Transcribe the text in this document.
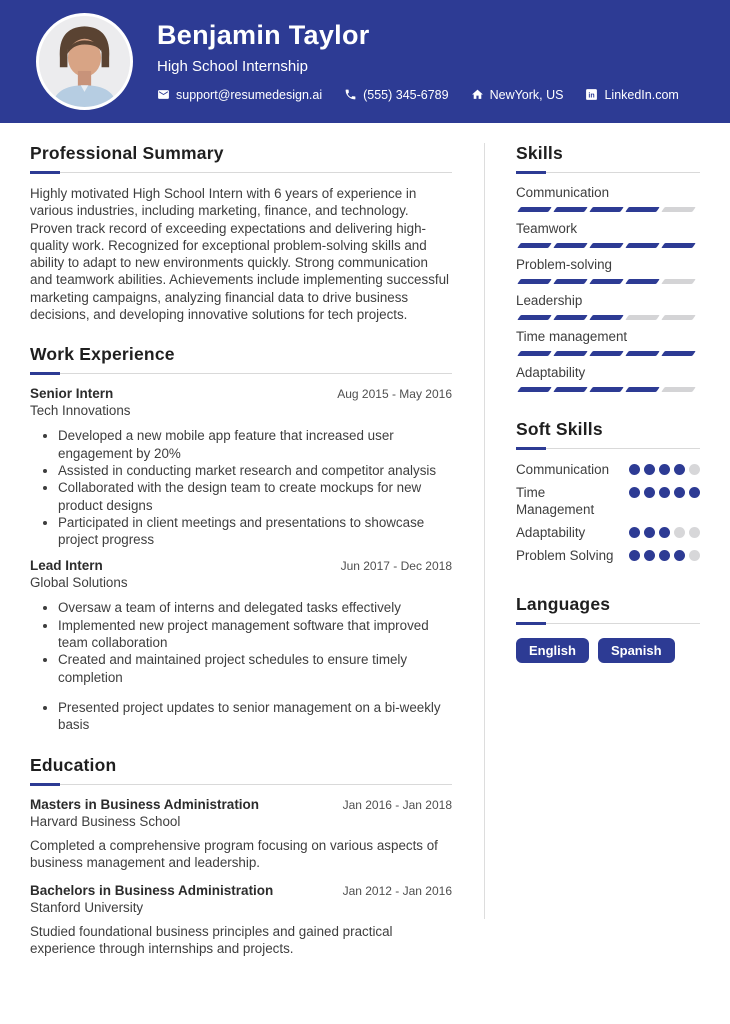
Benjamin Taylor
High School Internship
support@resumedesign.ai	(555) 345-6789	NewYork, US in LinkedIn.com
Professional Summary

Highly motivated High School Intern with 6 years of experience in various industries, including marketing, finance, and technology. Proven track record of exceeding expectations and delivering high-quality work. Recognized for exceptional problem-solving skills and ability to adapt to new environments quickly. Strong communication and teamwork abilities. Achievements include implementing successful marketing campaigns, analyzing financial data to drive business decisions, and developing innovative solutions for tech projects.

Work Experience
Senior Intern	Aug 2015 - May 2016
Tech Innovations
• Developed a new mobile app feature that increased user engagement by 20%
• Assisted in conducting market research and competitor analysis
• Collaborated with the design team to create mockups for new product designs
• Participated in client meetings and presentations to showcase project progress
Lead Intern	Jun 2017 - Dec 2018
Global Solutions
• Oversaw a team of interns and delegated tasks effectively
• Implemented new project management software that improved team collaboration
• Created and maintained project schedules to ensure timely completion
• Presented project updates to senior management on a bi-weekly basis
Education
Masters in Business Administration	Jan 2016 - Jan 2018
Harvard Business School

Completed a comprehensive program focusing on various aspects of business management and leadership.

Bachelors in Business Administration	Jan 2012 - Jan 2016
Stanford University

Studied foundational business principles and gained practical experience through internships and projects.

Skills
Communication
Teamwork
Problem-solving
Leadership
Time management
Adaptability
Soft Skills
Communication
Time Management
Adaptability
Problem Solving
Languages
English	Spanish
